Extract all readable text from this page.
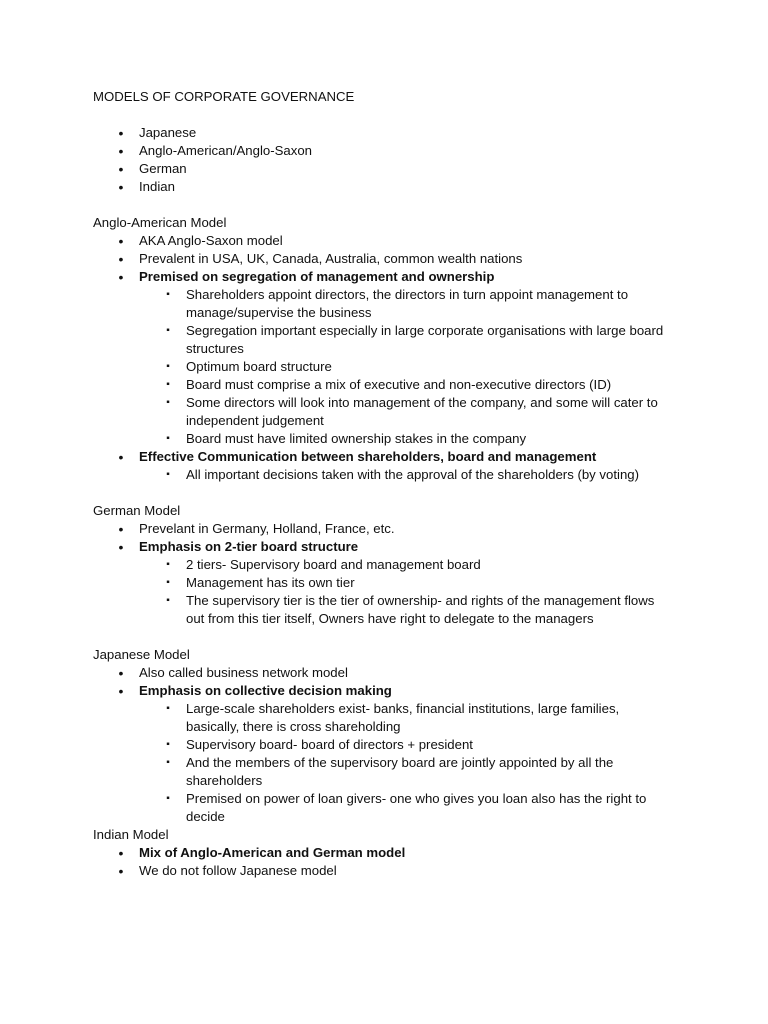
MODELS OF CORPORATE GOVERNANCE

• Japanese
• Anglo-American/Anglo-Saxon
• German
• Indian

Anglo-American Model

• AKA Anglo-Saxon model
• Prevalent in USA, UK, Canada, Australia, common wealth nations
• Premised on segregation of management and ownership
▪	Shareholders appoint directors, the directors in turn appoint management to manage/supervise the business
▪	Segregation important especially in large corporate organisations with large board structures
▪	Optimum board structure
▪	Board must comprise a mix of executive and non-executive directors (ID)
▪	Some directors will look into management of the company, and some will cater to independent judgement
▪	Board must have limited ownership stakes in the company
• Effective Communication between shareholders, board and management
▪	All important decisions taken with the approval of the shareholders (by voting)

German Model

• Prevelant in Germany, Holland, France, etc.
• Emphasis on 2-tier board structure
▪	2 tiers- Supervisory board and management board
▪	Management has its own tier
▪	The supervisory tier is the tier of ownership- and rights of the management flows out from this tier itself, Owners have right to delegate to the managers

Japanese Model

• Also called business network model
• Emphasis on collective decision making
▪	Large-scale shareholders exist- banks, financial institutions, large families, basically, there is cross shareholding
▪	Supervisory board- board of directors + president
▪	And the members of the supervisory board are jointly appointed by all the shareholders
▪	Premised on power of loan givers- one who gives you loan also has the right to decide

Indian Model

• Mix of Anglo-American and German model
• We do not follow Japanese model
